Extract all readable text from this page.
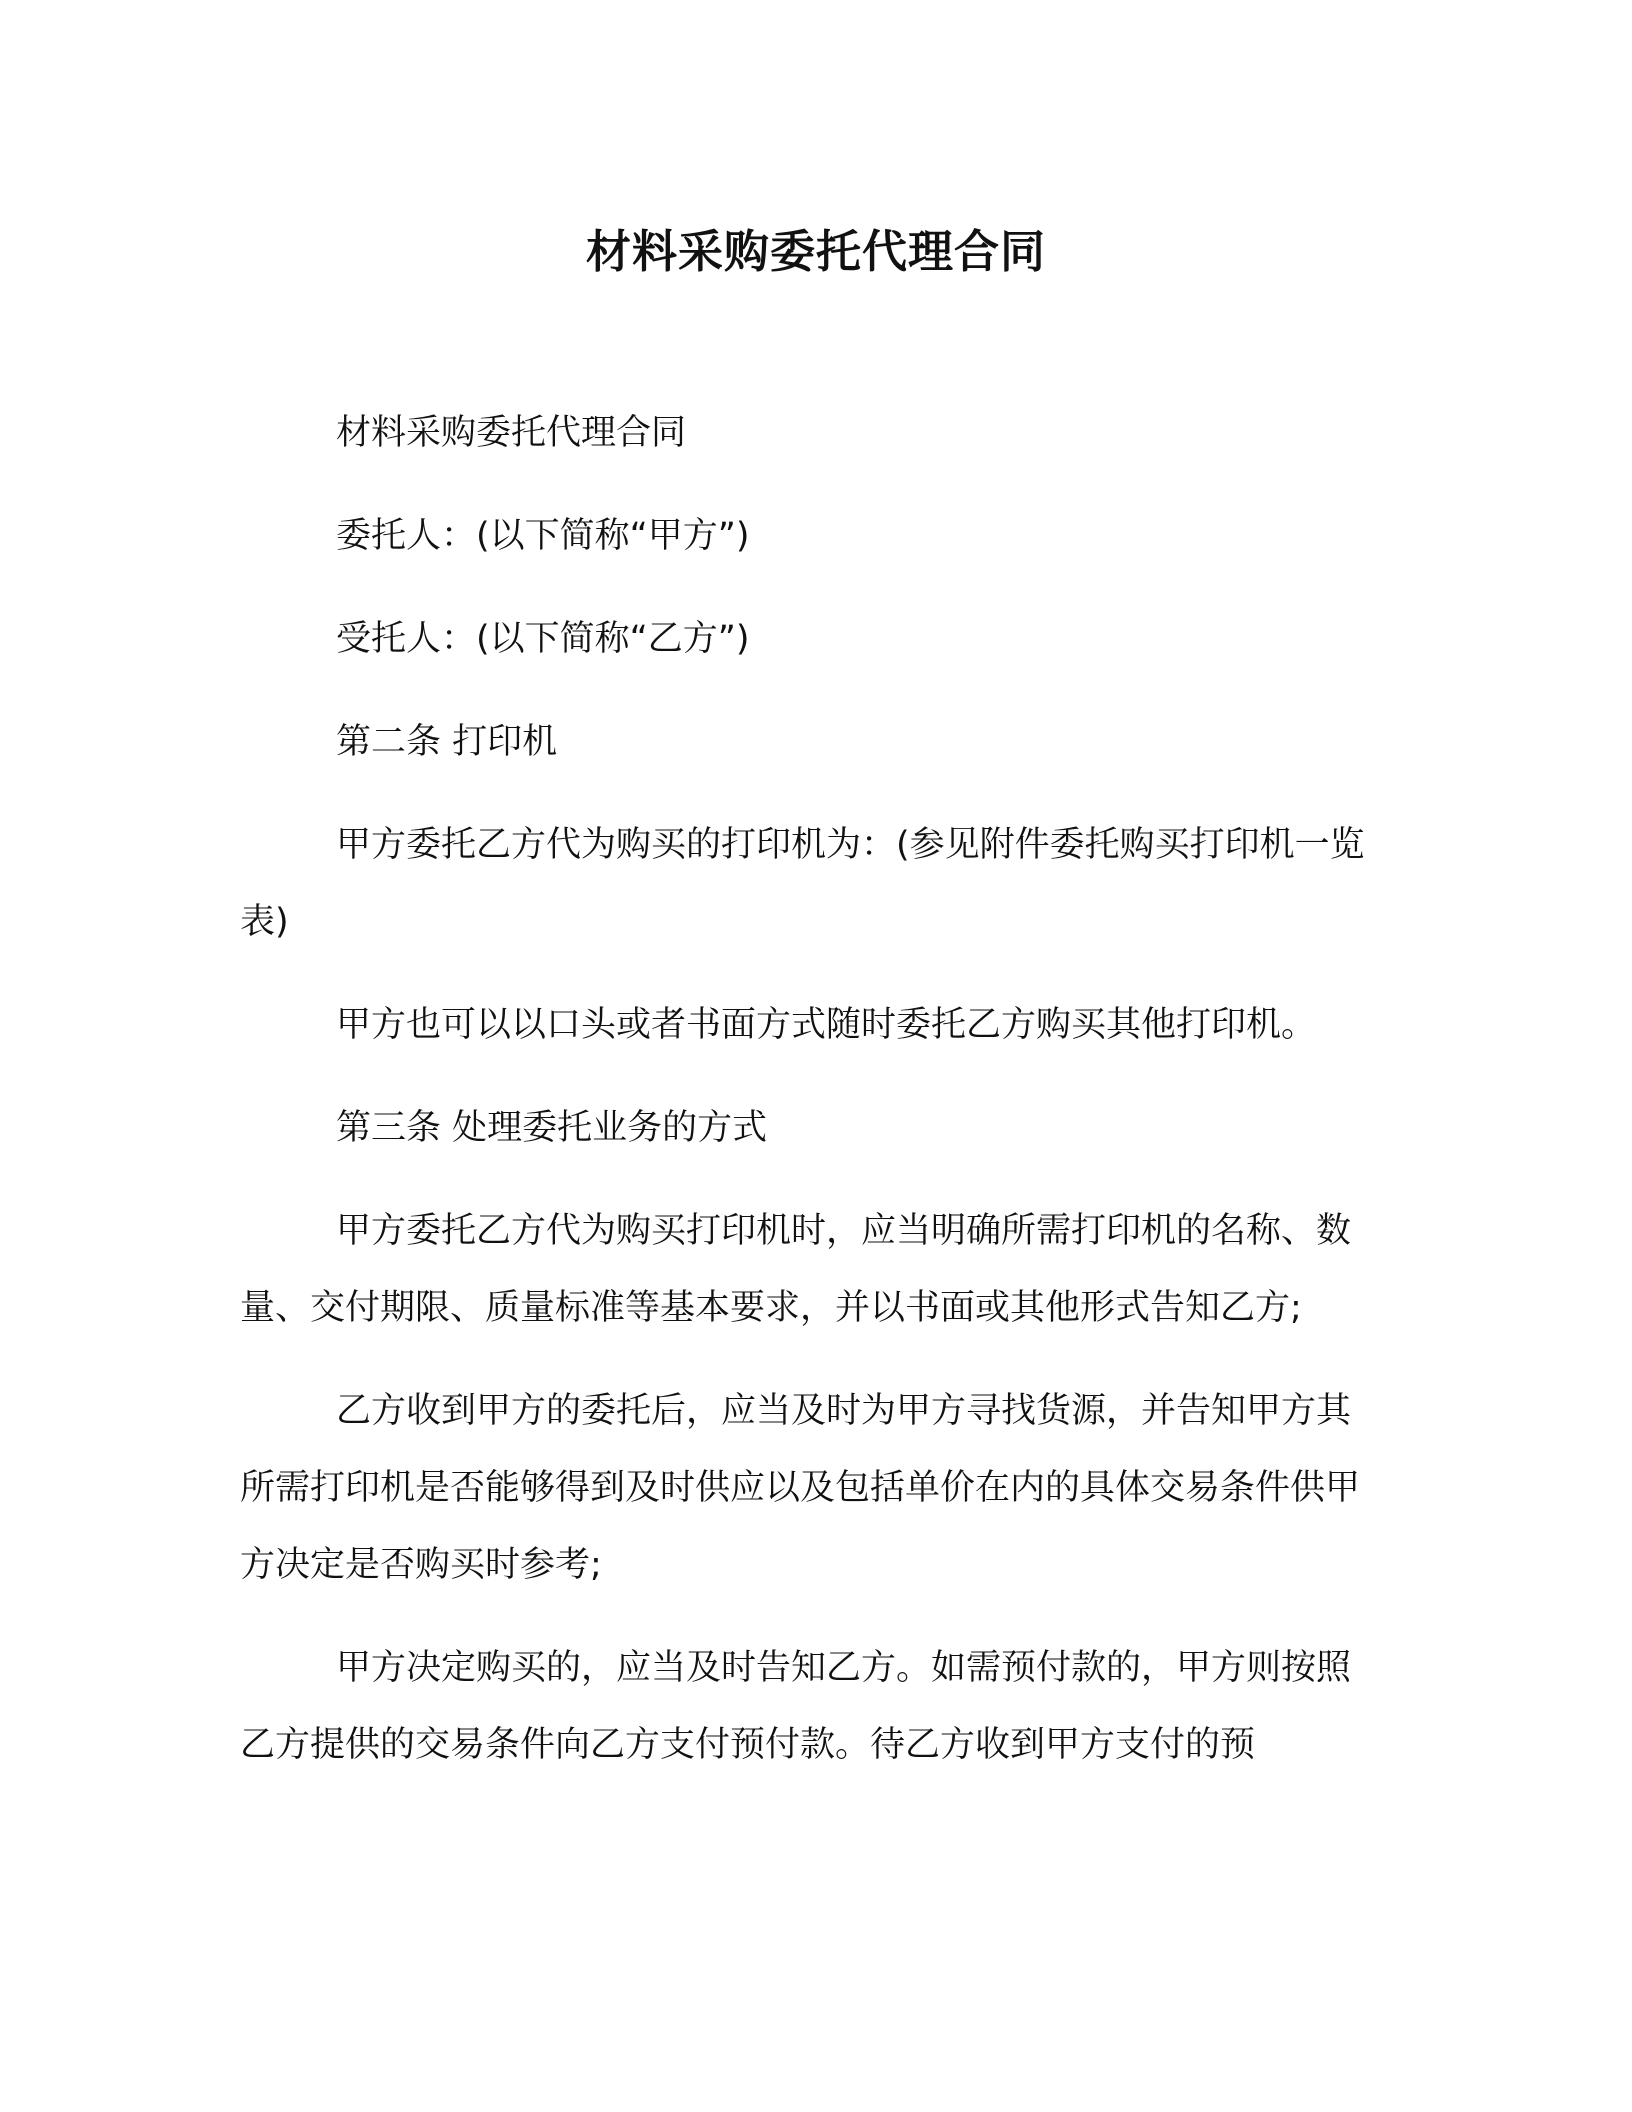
材料采购委托代理合同

材料采购委托代理合同

委托人：(以下简称“甲方”)

受托人：(以下简称“乙方”)

第二条 打印机

甲方委托乙方代为购买的打印机为：(参见附件委托购买打印机一览表)

甲方也可以以口头或者书面方式随时委托乙方购买其他打印机。

第三条 处理委托业务的方式

甲方委托乙方代为购买打印机时，应当明确所需打印机的名称、数量、交付期限、质量标准等基本要求，并以书面或其他形式告知乙方;

乙方收到甲方的委托后，应当及时为甲方寻找货源，并告知甲方其所需打印机是否能够得到及时供应以及包括单价在内的具体交易条件供甲方决定是否购买时参考;

甲方决定购买的，应当及时告知乙方。如需预付款的，甲方则按照乙方提供的交易条件向乙方支付预付款。待乙方收到甲方支付的预
